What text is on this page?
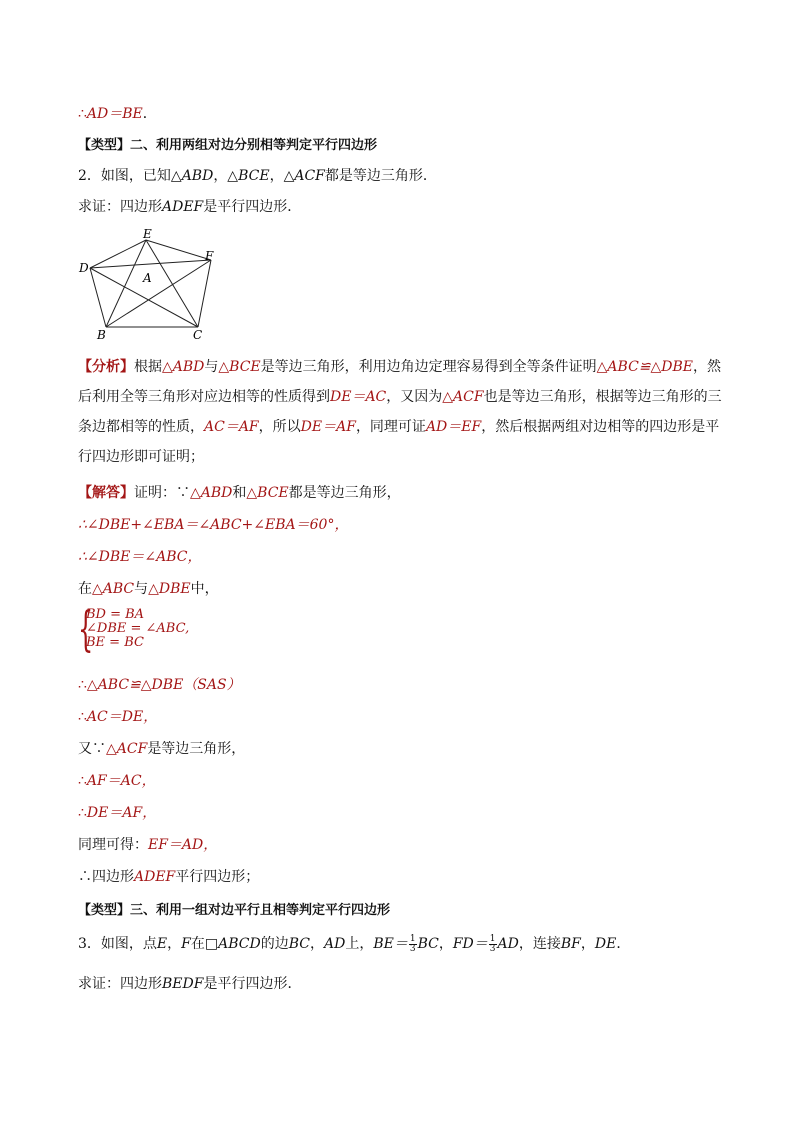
∴AD＝BE．
【类型】二、利用两组对边分别相等判定平行四边形
2．如图，已知△ABD，△BCE，△ACF都是等边三角形．
求证：四边形ADEF是平行四边形．
E
F
D
A
B	C
【分析】根据△ABD与△BCE是等边三角形，利用边角边定理容易得到全等条件证明△ABC≌△DBE，然后利用全等三角形对应边相等的性质得到DE＝AC，又因为△ACF也是等边三角形，根据等边三角形的三条边都相等的性质，AC＝AF，所以DE＝AF，同理可证AD＝EF，然后根据两组对边相等的四边形是平行四边形即可证明；
【解答】证明：∵△ABD和△BCE都是等边三角形，
∴∠DBE+∠EBA＝∠ABC+∠EBA＝60°，
∴∠DBE＝∠ABC，
在△ABC与△DBE中，
{
BD = BA
∠DBE = ∠ABC,
BE = BC
∴△ABC≌△DBE（SAS）
∴AC＝DE，
又∵△ACF是等边三角形，
∴AF＝AC，
∴DE＝AF，
同理可得：EF＝AD，
∴四边形ADEF平行四边形；
【类型】三、利用一组对边平行且相等判定平行四边形
3．如图，点E，F在□ABCD的边BC，AD上，$BE= \frac{1}{3}$ BC，$FD= \frac{1}{3}$ AD，连接BF，DE．
求证：四边形BEDF是平行四边形．
